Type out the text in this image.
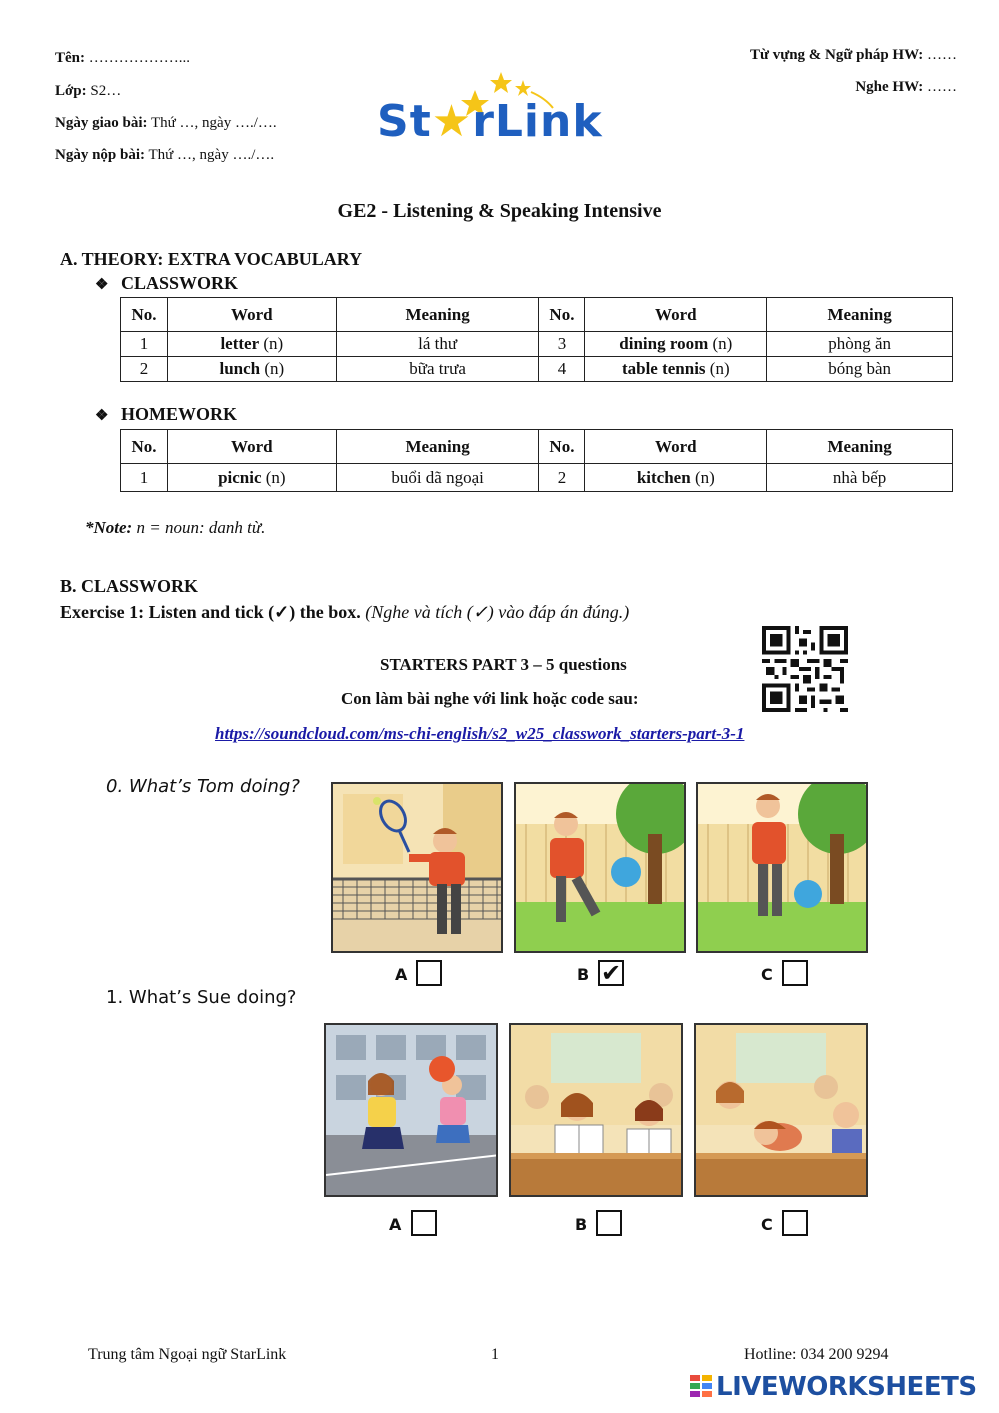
Tên: ………………...
Lớp: S2…
Ngày giao bài: Thứ …, ngày …./….
Ngày nộp bài: Thứ …, ngày …./….
Từ vựng & Ngữ pháp HW: ……
Nghe HW: ……
St★rLink
GE2 - Listening & Speaking Intensive
A. THEORY: EXTRA VOCABULARY
❖ CLASSWORK
No.	Word	Meaning	No.	Word	Meaning
1	letter (n)	lá thư	3	dining room (n)	phòng ăn
2	lunch (n)	bữa trưa	4	table tennis (n)	bóng bàn
❖ HOMEWORK
No.	Word	Meaning	No.	Word	Meaning
1	picnic (n)	buổi dã ngoại	2	kitchen (n)	nhà bếp
*Note: n = noun: danh từ.
B. CLASSWORK
Exercise 1: Listen and tick (✓) the box. (Nghe và tích (✓) vào đáp án đúng.)
STARTERS PART 3 – 5 questions
Con làm bài nghe với link hoặc code sau:
https://soundcloud.com/ms-chi-english/s2_w25_classwork_starters-part-3-1
0. What’s Tom doing?
A	B ✔	C
1. What’s Sue doing?
A	B	C
Trung tâm Ngoại ngữ StarLink	1	Hotline: 034 200 9294
LIVEWORKSHEETS
